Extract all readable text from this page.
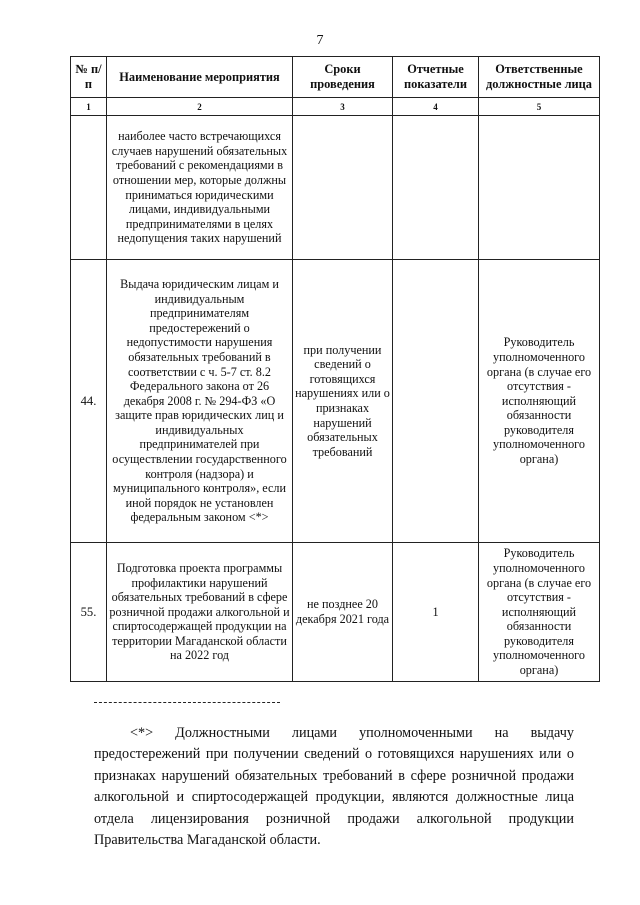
7
№ п/п	Наименование мероприятия	Сроки проведения	Отчетные показатели	Ответственные должностные лица
1	2	3	4	5
	наиболее часто встречающихся случаев нарушений обязательных требований с рекомендациями в отношении мер, которые должны приниматься юридическими лицами, индивидуальными предпринимателями в целях недопущения таких нарушений			
44.	Выдача юридическим лицам и индивидуальным предпринимателям предостережений о недопустимости нарушения обязательных требований в соответствии с ч. 5-7 ст. 8.2 Федерального закона от 26 декабря 2008 г. № 294-ФЗ «О защите прав юридических лиц и индивидуальных предпринимателей при осуществлении государственного контроля (надзора) и муниципального контроля», если иной порядок не установлен федеральным законом <*>	при получении сведений о готовящихся нарушениях или о признаках нарушений обязательных требований		Руководитель уполномоченного органа (в случае его отсутствия - исполняющий обязанности руководителя уполномоченного органа)
55.	Подготовка проекта программы профилактики нарушений обязательных требований в сфере розничной продажи алкогольной и спиртосодержащей продукции на территории Магаданской области на 2022 год	не позднее 20 декабря 2021 года	1	Руководитель уполномоченного органа (в случае его отсутствия - исполняющий обязанности руководителя уполномоченного органа)
<*> Должностными лицами уполномоченными на выдачу предостережений при получении сведений о готовящихся нарушениях или о признаках нарушений обязательных требований в сфере розничной продажи алкогольной и спиртосодержащей продукции, являются должностные лица отдела лицензирования розничной продажи алкогольной продукции Правительства Магаданской области.
